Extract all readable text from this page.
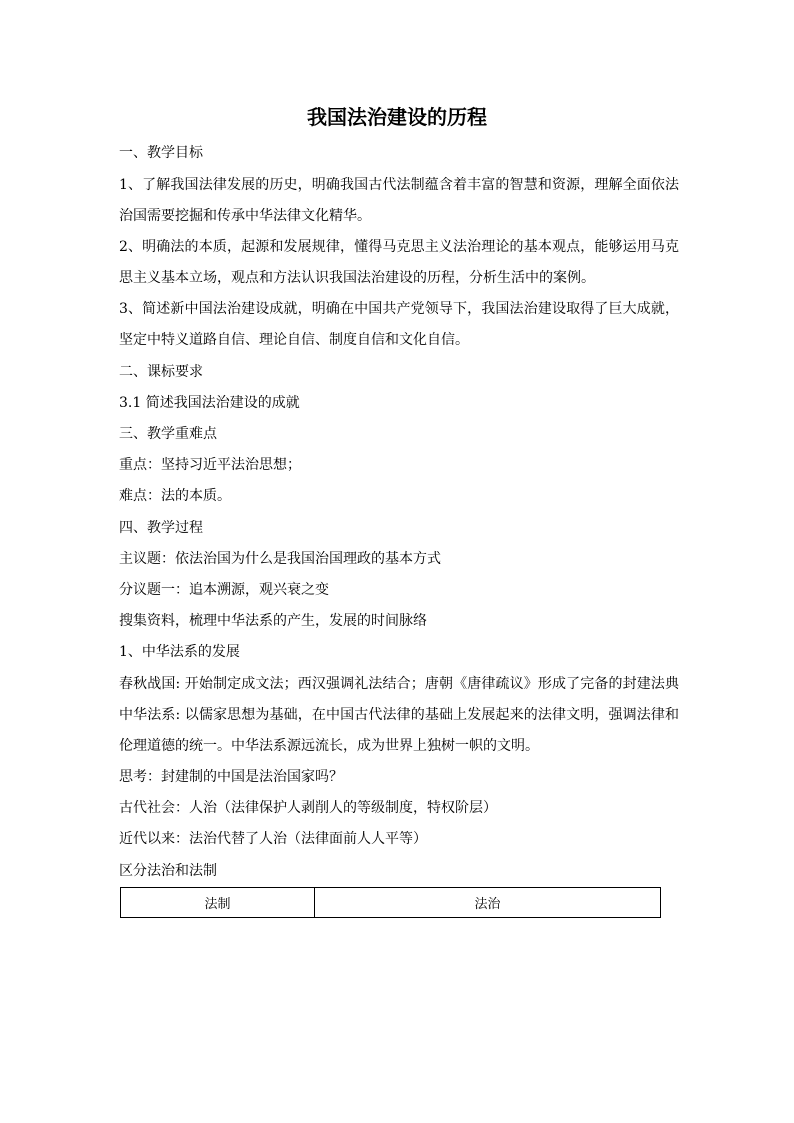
我国法治建设的历程
一、教学目标
1、了解我国法律发展的历史，明确我国古代法制蕴含着丰富的智慧和资源，理解全面依法
治国需要挖掘和传承中华法律文化精华。
2、明确法的本质，起源和发展规律，懂得马克思主义法治理论的基本观点，能够运用马克
思主义基本立场，观点和方法认识我国法治建设的历程，分析生活中的案例。
3、简述新中国法治建设成就，明确在中国共产党领导下，我国法治建设取得了巨大成就，
坚定中特义道路自信、理论自信、制度自信和文化自信。
二、课标要求
3.1 简述我国法治建设的成就
三、教学重难点
重点：坚持习近平法治思想；
难点：法的本质。
四、教学过程
主议题：依法治国为什么是我国治国理政的基本方式
分议题一：追本溯源，观兴衰之变
搜集资料，梳理中华法系的产生，发展的时间脉络
1、中华法系的发展
春秋战国: 开始制定成文法；西汉强调礼法结合；唐朝《唐律疏议》形成了完备的封建法典
中华法系: 以儒家思想为基础，在中国古代法律的基础上发展起来的法律文明，强调法律和
伦理道德的统一。中华法系源远流长，成为世界上独树一帜的文明。
思考：封建制的中国是法治国家吗？
古代社会：人治（法律保护人剥削人的等级制度，特权阶层）
近代以来：法治代替了人治（法律面前人人平等）
区分法治和法制
法制	法治
